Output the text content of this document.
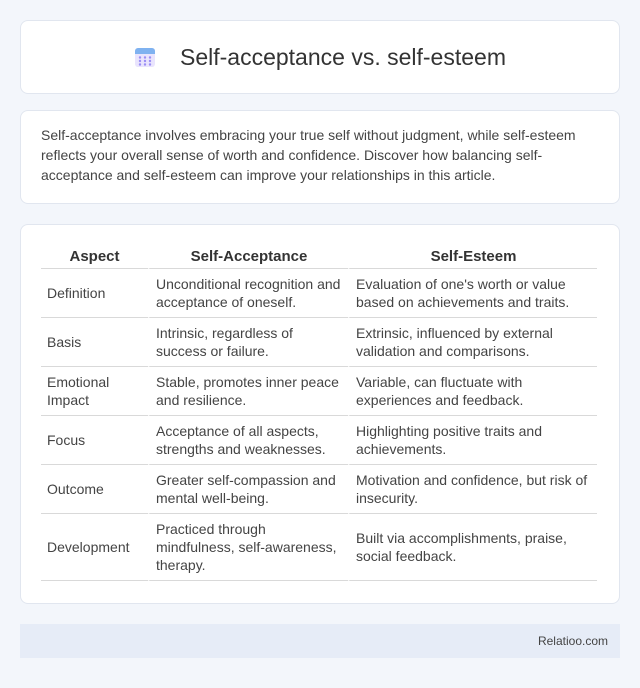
Self-acceptance vs. self-esteem

Self-acceptance involves embracing your true self without judgment, while self-esteem reflects your overall sense of worth and confidence. Discover how balancing self-acceptance and self-esteem can improve your relationships in this article.

Aspect	Self-Acceptance	Self-Esteem
Definition	Unconditional recognition and acceptance of oneself.	Evaluation of one's worth or value based on achievements and traits.
Basis	Intrinsic, regardless of success or failure.	Extrinsic, influenced by external validation and comparisons.
Emotional Impact	Stable, promotes inner peace and resilience.	Variable, can fluctuate with experiences and feedback.
Focus	Acceptance of all aspects, strengths and weaknesses.	Highlighting positive traits and achievements.
Outcome	Greater self-compassion and mental well-being.	Motivation and confidence, but risk of insecurity.
Development	Practiced through mindfulness, self-awareness, therapy.	Built via accomplishments, praise, social feedback.
Relatioo.com
